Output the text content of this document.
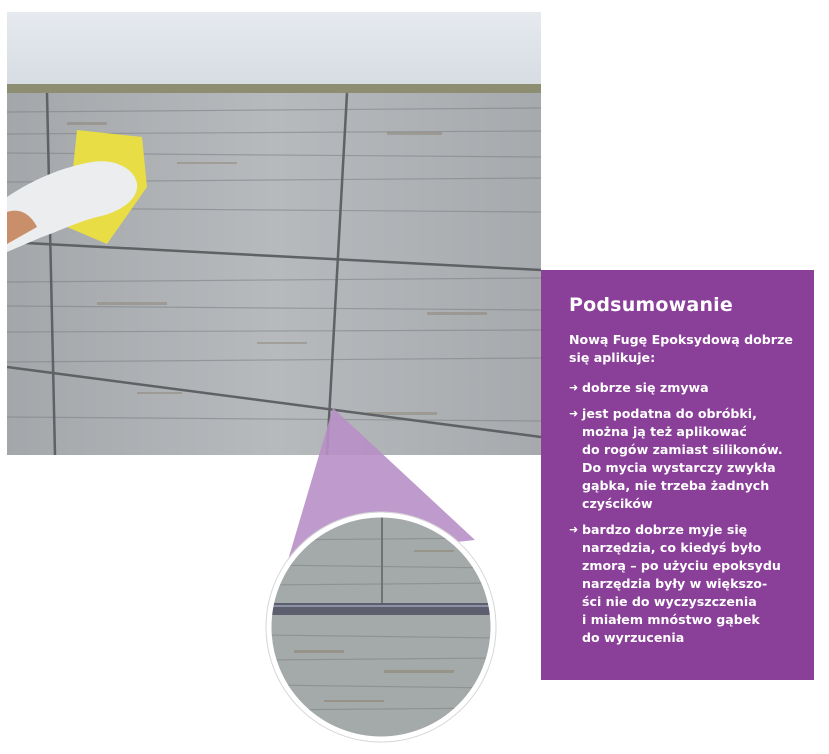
Podsumowanie
Nową Fugę Epoksydową dobrze
się aplikuje:
➜ dobrze się zmywa
➜ jest podatna do obróbki,
można ją też aplikować
do rogów zamiast silikonów.
Do mycia wystarczy zwykła
gąbka, nie trzeba żadnych
czyścików
➜ bardzo dobrze myje się
narzędzia, co kiedyś było
zmorą – po użyciu epoksydu
narzędzia były w większo-
ści nie do wyczyszczenia
i miałem mnóstwo gąbek
do wyrzucenia
